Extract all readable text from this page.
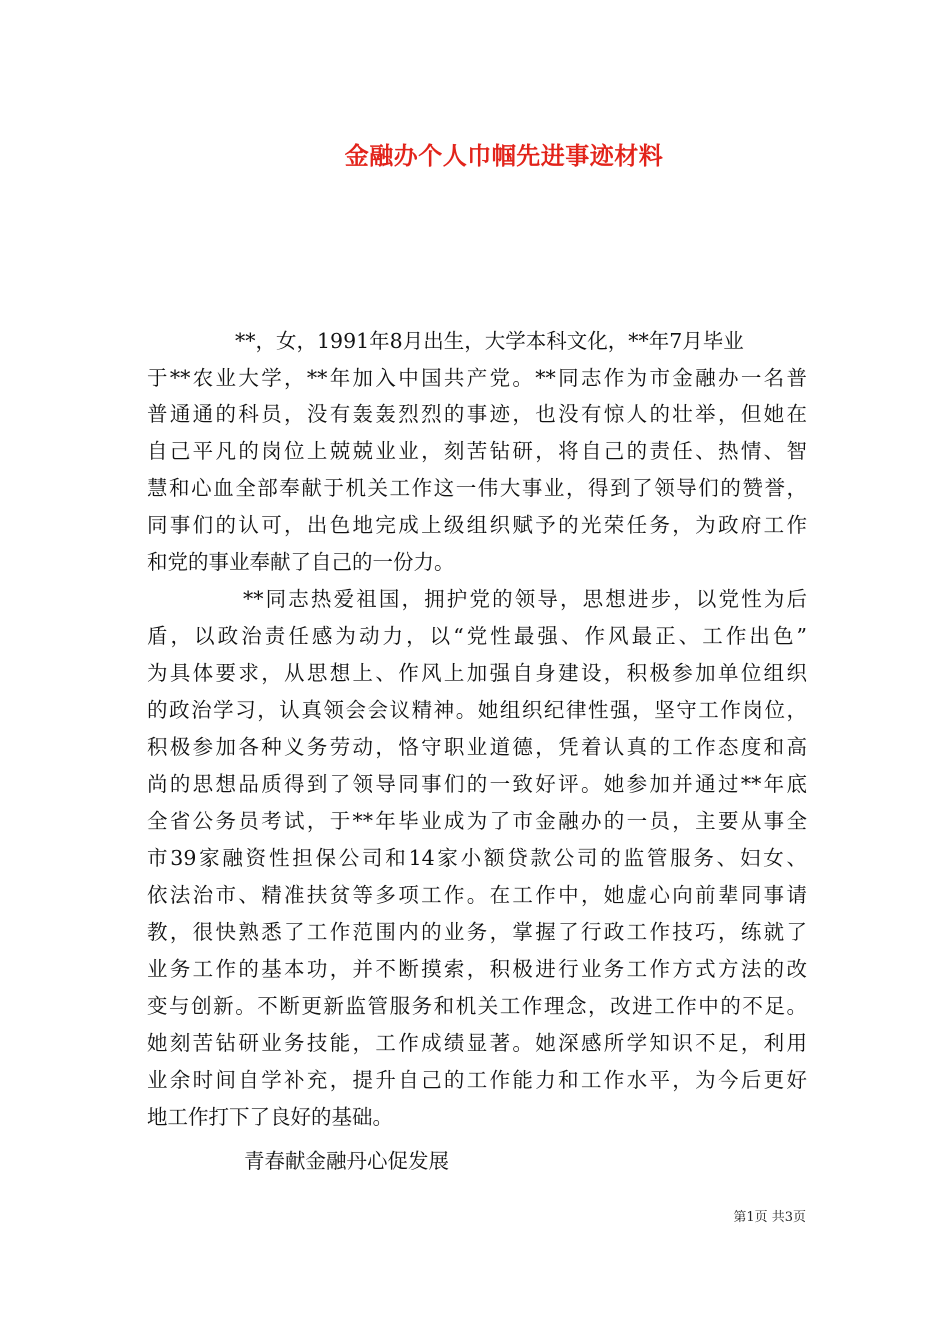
金融办个人巾帼先进事迹材料
**，女，1991年8月出生，大学本科文化，**年7月毕业
于**农业大学，**年加入中国共产党。**同志作为市金融办一名普
普通通的科员，没有轰轰烈烈的事迹，也没有惊人的壮举，但她在
自己平凡的岗位上兢兢业业，刻苦钻研，将自己的责任、热情、智
慧和心血全部奉献于机关工作这一伟大事业，得到了领导们的赞誉，
同事们的认可，出色地完成上级组织赋予的光荣任务，为政府工作
和党的事业奉献了自己的一份力。
**同志热爱祖国，拥护党的领导，思想进步，以党性为后
盾，以政治责任感为动力，以“党性最强、作风最正、工作出色”
为具体要求，从思想上、作风上加强自身建设，积极参加单位组织
的政治学习，认真领会会议精神。她组织纪律性强，坚守工作岗位，
积极参加各种义务劳动，恪守职业道德，凭着认真的工作态度和高
尚的思想品质得到了领导同事们的一致好评。她参加并通过**年底
全省公务员考试，于**年毕业成为了市金融办的一员，主要从事全
市39家融资性担保公司和14家小额贷款公司的监管服务、妇女、
依法治市、精准扶贫等多项工作。在工作中，她虚心向前辈同事请
教，很快熟悉了工作范围内的业务，掌握了行政工作技巧，练就了
业务工作的基本功，并不断摸索，积极进行业务工作方式方法的改
变与创新。不断更新监管服务和机关工作理念，改进工作中的不足。
她刻苦钻研业务技能，工作成绩显著。她深感所学知识不足，利用
业余时间自学补充，提升自己的工作能力和工作水平，为今后更好
地工作打下了良好的基础。
青春献金融丹心促发展
第1页 共3页
